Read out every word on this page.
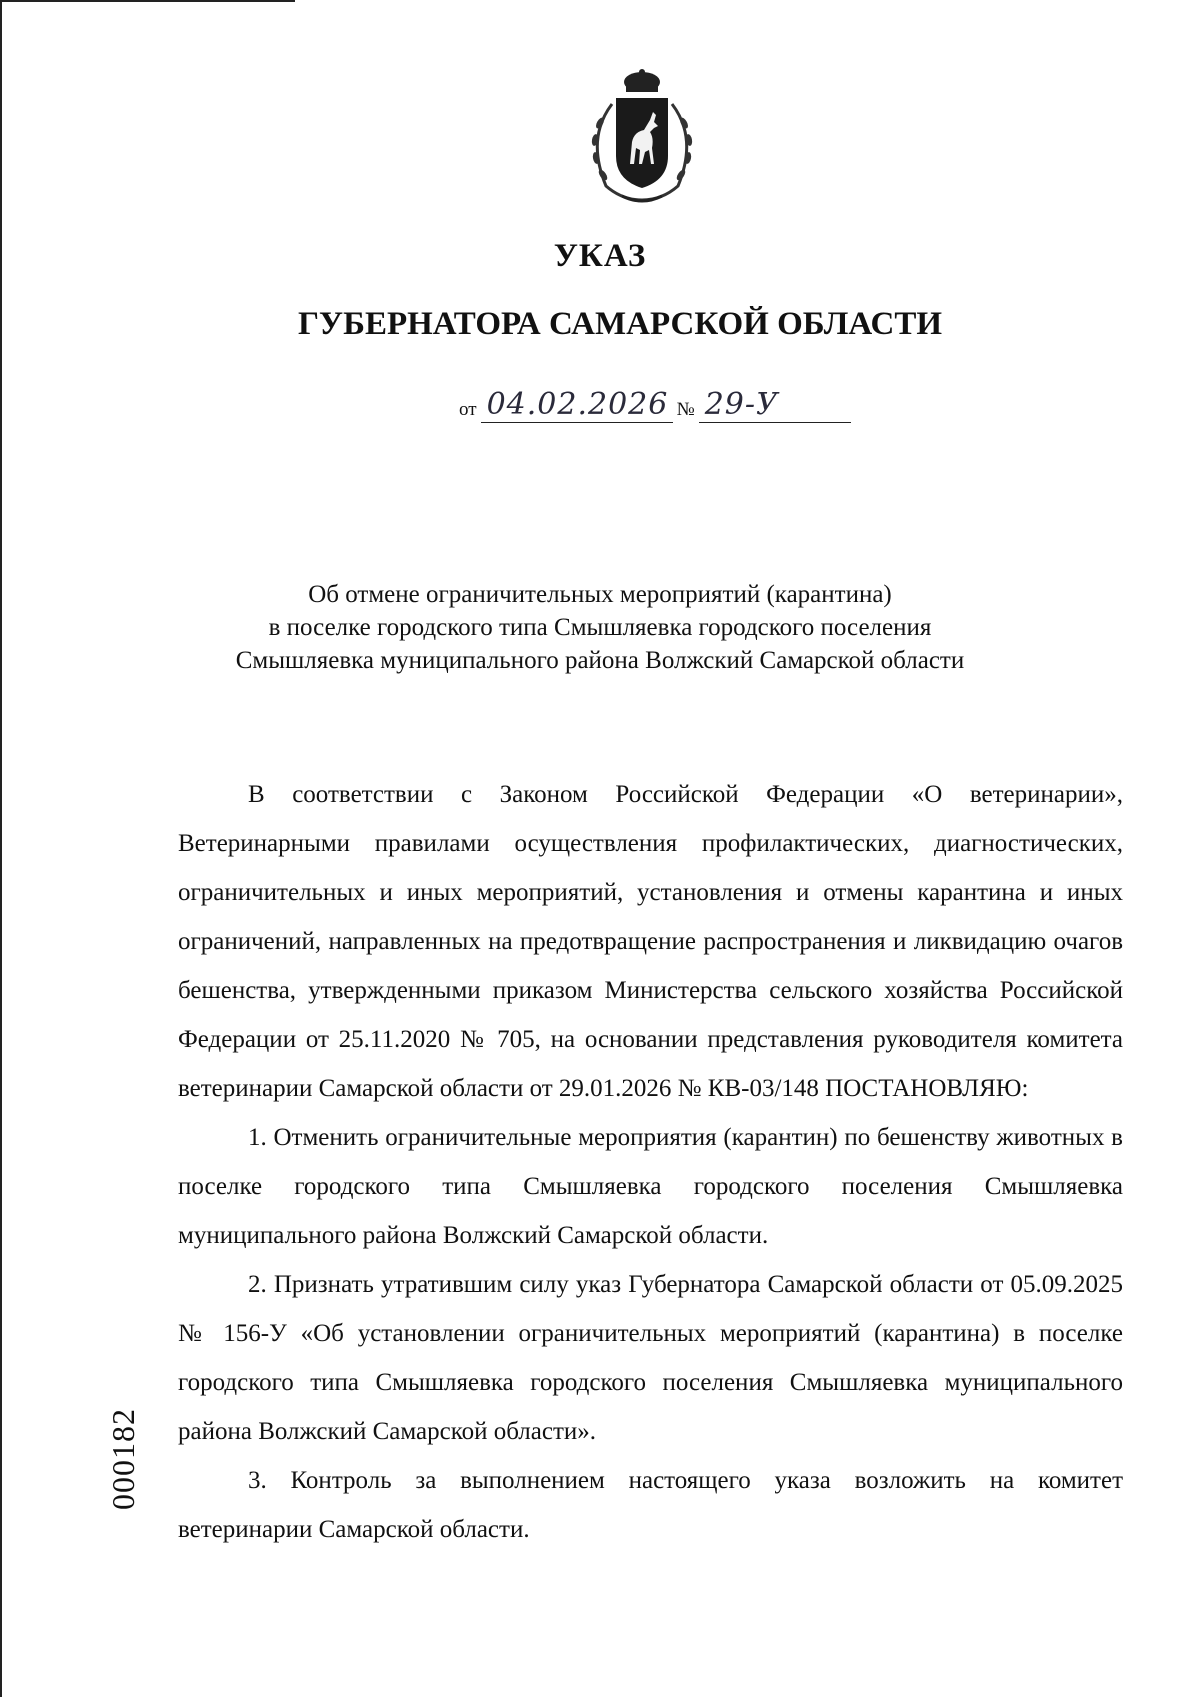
УКАЗ
ГУБЕРНАТОРА САМАРСКОЙ ОБЛАСТИ
от 04.02.2026 № 29-У
Об отмене ограничительных мероприятий (карантина)
в поселке городского типа Смышляевка городского поселения
Смышляевка муниципального района Волжский Самарской области

В соответствии с Законом Российской Федерации «О ветеринарии», Ветеринарными правилами осуществления профилактических, диагностических, ограничительных и иных мероприятий, установления и отмены карантина и иных ограничений, направленных на предотвращение распространения и ликвидацию очагов бешенства, утвержденными приказом Министерства сельского хозяйства Российской Федерации от 25.11.2020 № 705, на основании представления руководителя комитета ветеринарии Самарской области от 29.01.2026 № КВ-03/148 ПОСТАНОВЛЯЮ:

1. Отменить ограничительные мероприятия (карантин) по бешенству животных в поселке городского типа Смышляевка городского поселения Смышляевка муниципального района Волжский Самарской области.

2. Признать утратившим силу указ Губернатора Самарской области от 05.09.2025 № 156-У «Об установлении ограничительных мероприятий (карантина) в поселке городского типа Смышляевка городского поселения Смышляевка муниципального района Волжский Самарской области».

3. Контроль за выполнением настоящего указа возложить на комитет ветеринарии Самарской области.

000182
